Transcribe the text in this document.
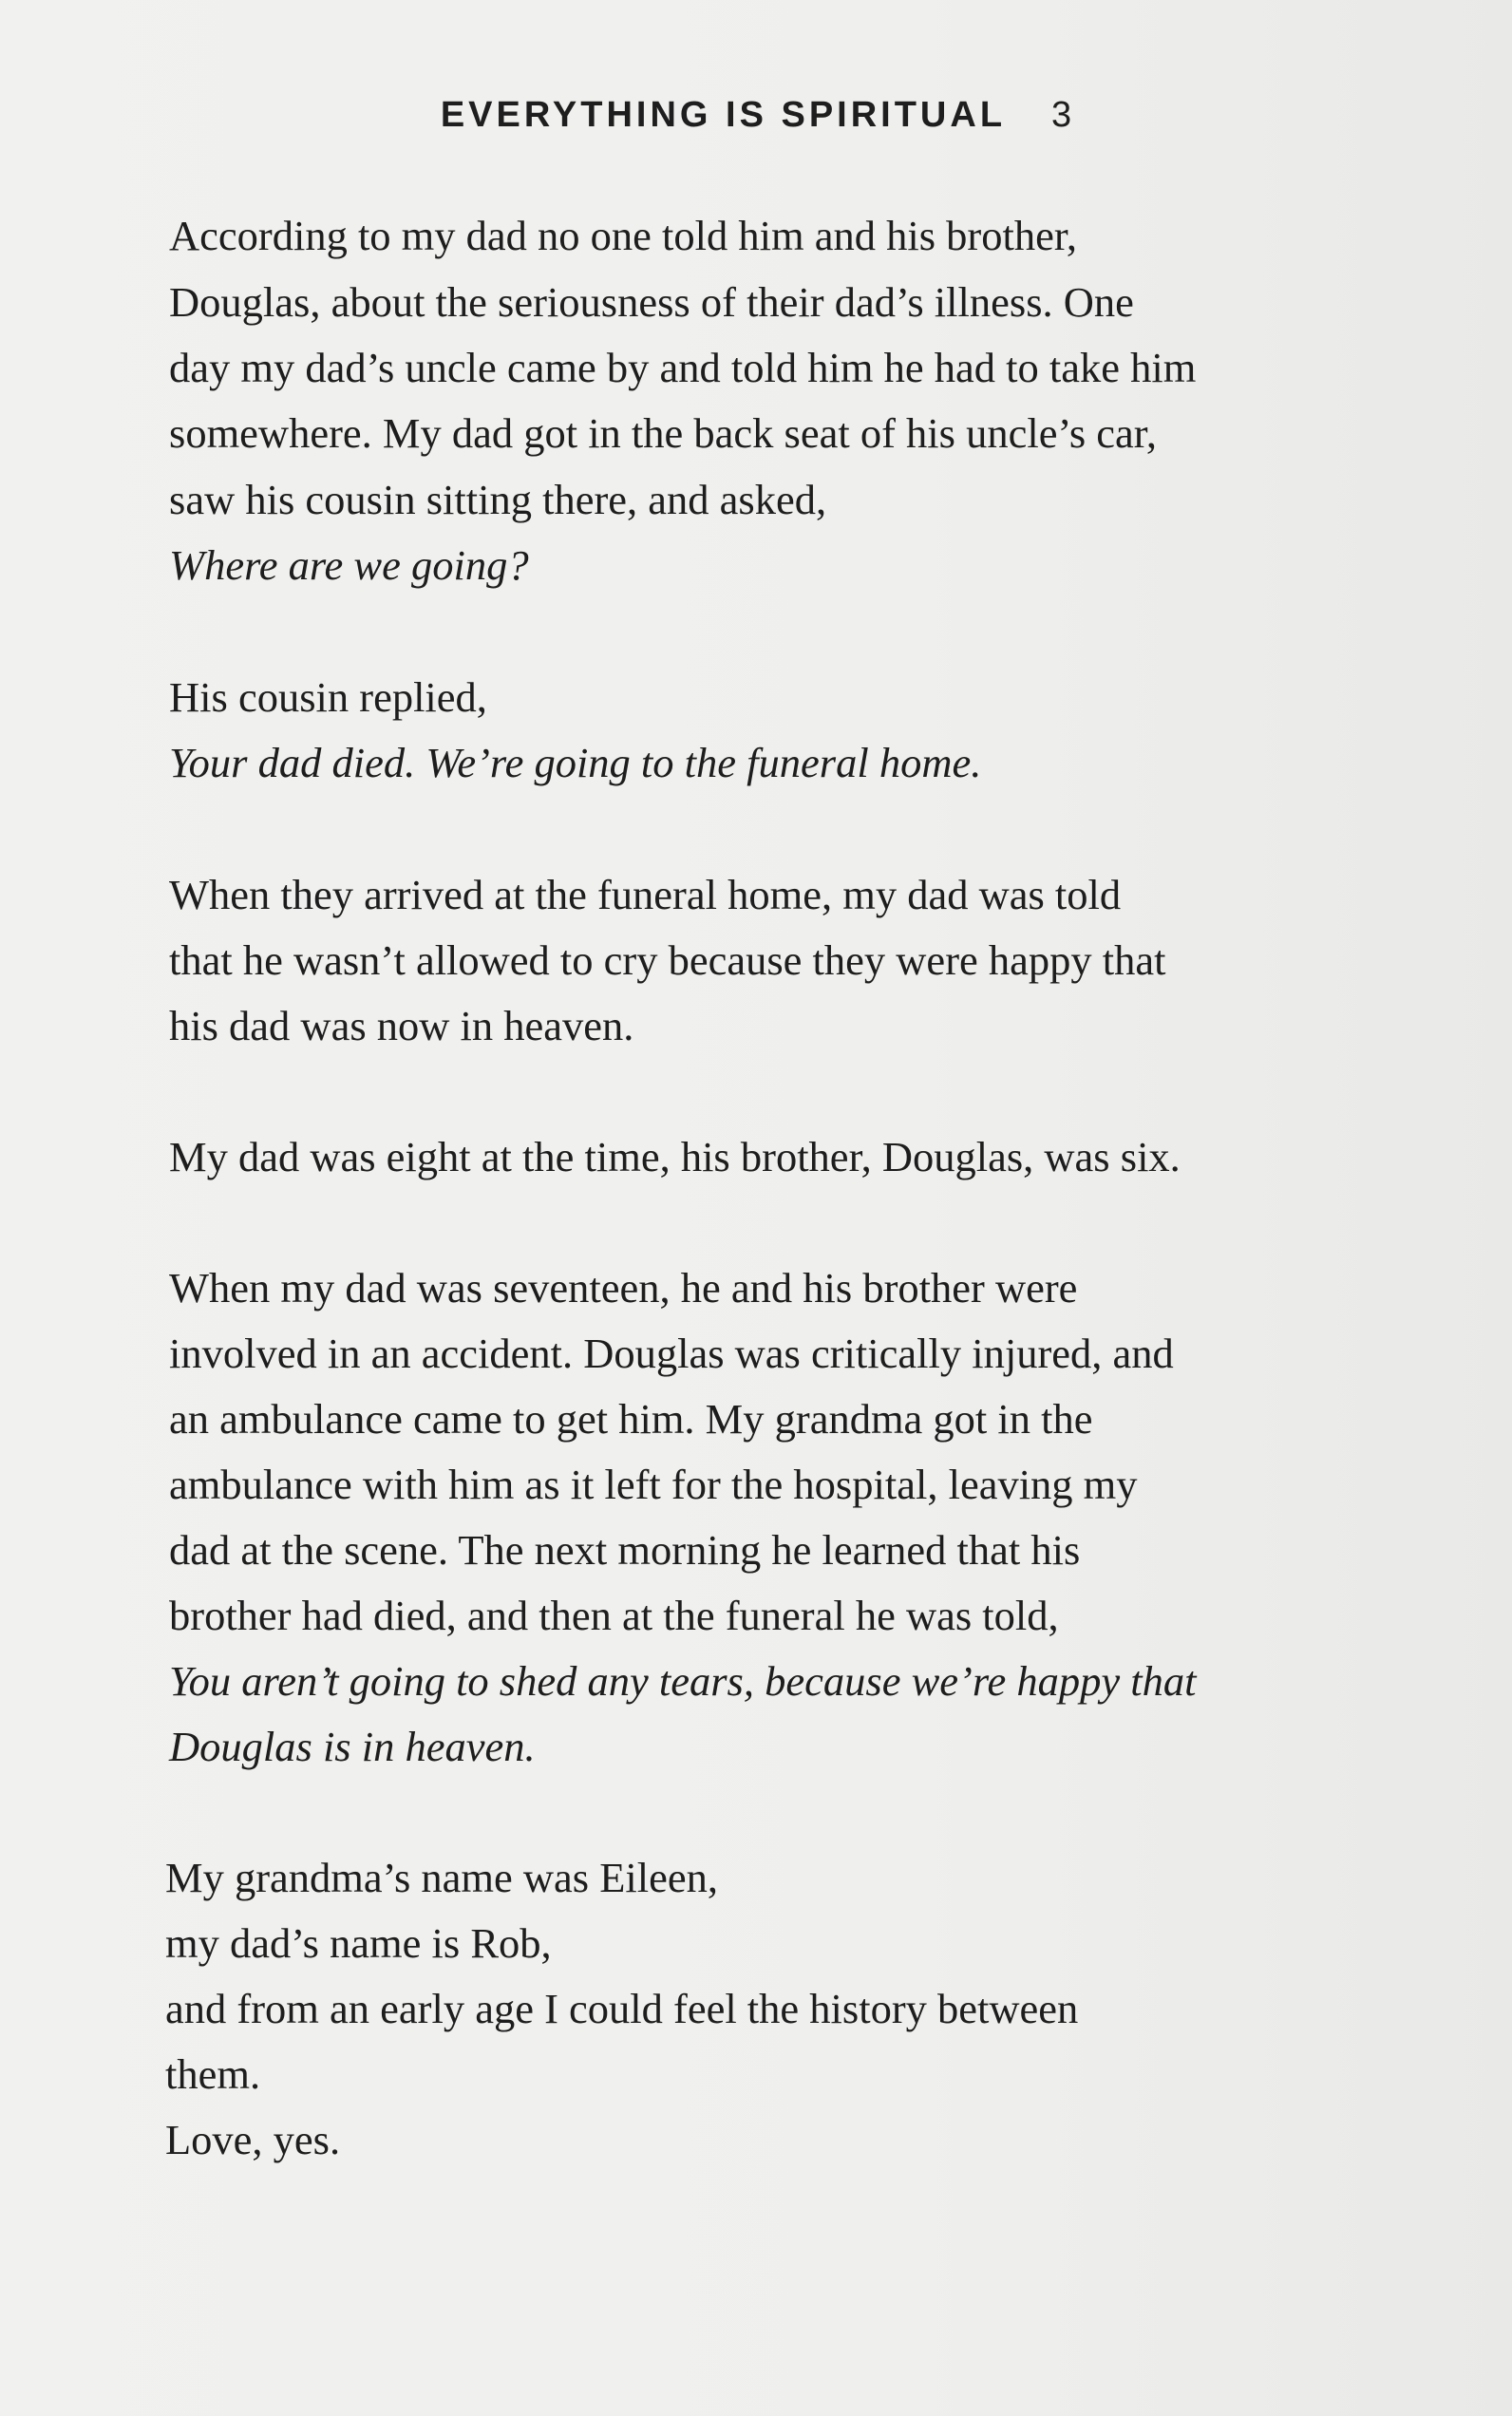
EVERYTHING IS SPIRITUAL 3
According to my dad no one told him and his brother,
Douglas, about the seriousness of their dad’s illness. One
day my dad’s uncle came by and told him he had to take him
somewhere. My dad got in the back seat of his uncle’s car,
saw his cousin sitting there, and asked,
Where are we going?
His cousin replied,
Your dad died. We’re going to the funeral home.
When they arrived at the funeral home, my dad was told
that he wasn’t allowed to cry because they were happy that
his dad was now in heaven.
My dad was eight at the time, his brother, Douglas, was six.
When my dad was seventeen, he and his brother were
involved in an accident. Douglas was critically injured, and
an ambulance came to get him. My grandma got in the
ambulance with him as it left for the hospital, leaving my
dad at the scene. The next morning he learned that his
brother had died, and then at the funeral he was told,
You aren’t going to shed any tears, because we’re happy that
Douglas is in heaven.
My grandma’s name was Eileen,
my dad’s name is Rob,
and from an early age I could feel the history between
them.
Love, yes.
